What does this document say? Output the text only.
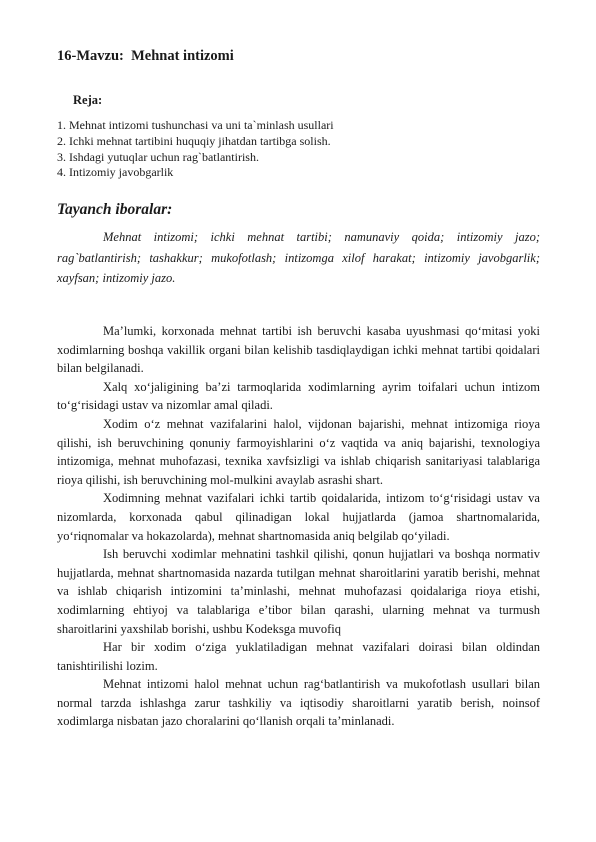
16-Mavzu:  Mehnat intizomi
Reja:
1. Mehnat intizomi tushunchasi va uni ta`minlash usullari
2. Ichki mehnat tartibini huquqiy jihatdan tartibga solish.
3. Ishdagi yutuqlar uchun rag`batlantirish.
4. Intizomiy javobgarlik
Tayanch iboralar:

Mehnat intizomi; ichki mehnat tartibi; namunaviy qoida; intizomiy jazo; rag`batlantirish; tashakkur; mukofotlash; intizomga xilof harakat; intizomiy javobgarlik; xayfsan; intizomiy jazo.

Ma’lumki, korxonada mehnat tartibi ish beruvchi kasaba uyushmasi qo‘mitasi yoki xodimlarning boshqa vakillik organi bilan kelishib tasdiqlaydigan ichki mehnat tartibi qoidalari bilan belgilanadi.

Xalq xo‘jaligining ba’zi tarmoqlarida xodimlarning ayrim toifalari uchun intizom to‘g‘risidagi ustav va nizomlar amal qiladi.

Xodim o‘z mehnat vazifalarini halol, vijdonan bajarishi, mehnat intizomiga rioya qilishi, ish beruvchining qonuniy farmoyishlarini o‘z vaqtida va aniq bajarishi, texnologiya intizomiga, mehnat muhofazasi, texnika xavfsizligi va ishlab chiqarish sanitariyasi talablariga rioya qilishi, ish beruvchining mol-mulkini avaylab asrashi shart.

Xodimning mehnat vazifalari ichki tartib qoidalarida, intizom to‘g‘risidagi ustav va nizomlarda, korxonada qabul qilinadigan lokal hujjatlarda (jamoa shartnomalarida, yo‘riqnomalar va hokazolarda), mehnat shartnomasida aniq belgilab qo‘yiladi.

Ish beruvchi xodimlar mehnatini tashkil qilishi, qonun hujjatlari va boshqa normativ hujjatlarda, mehnat shartnomasida nazarda tutilgan mehnat sharoitlarini yaratib berishi, mehnat va ishlab chiqarish intizomini ta’minlashi, mehnat muhofazasi qoidalariga rioya etishi, xodimlarning ehtiyoj va talablariga e’tibor bilan qarashi, ularning mehnat va turmush sharoitlarini yaxshilab borishi, ushbu Kodeksga muvofiq

Har bir xodim o‘ziga yuklatiladigan mehnat vazifalari doirasi bilan oldindan tanishtirilishi lozim.

Mehnat intizomi halol mehnat uchun rag‘batlantirish va mukofotlash usullari bilan normal tarzda ishlashga zarur tashkiliy va iqtisodiy sharoitlarni yaratib berish, noinsof xodimlarga nisbatan jazo choralarini qo‘llanish orqali ta’minlanadi.
